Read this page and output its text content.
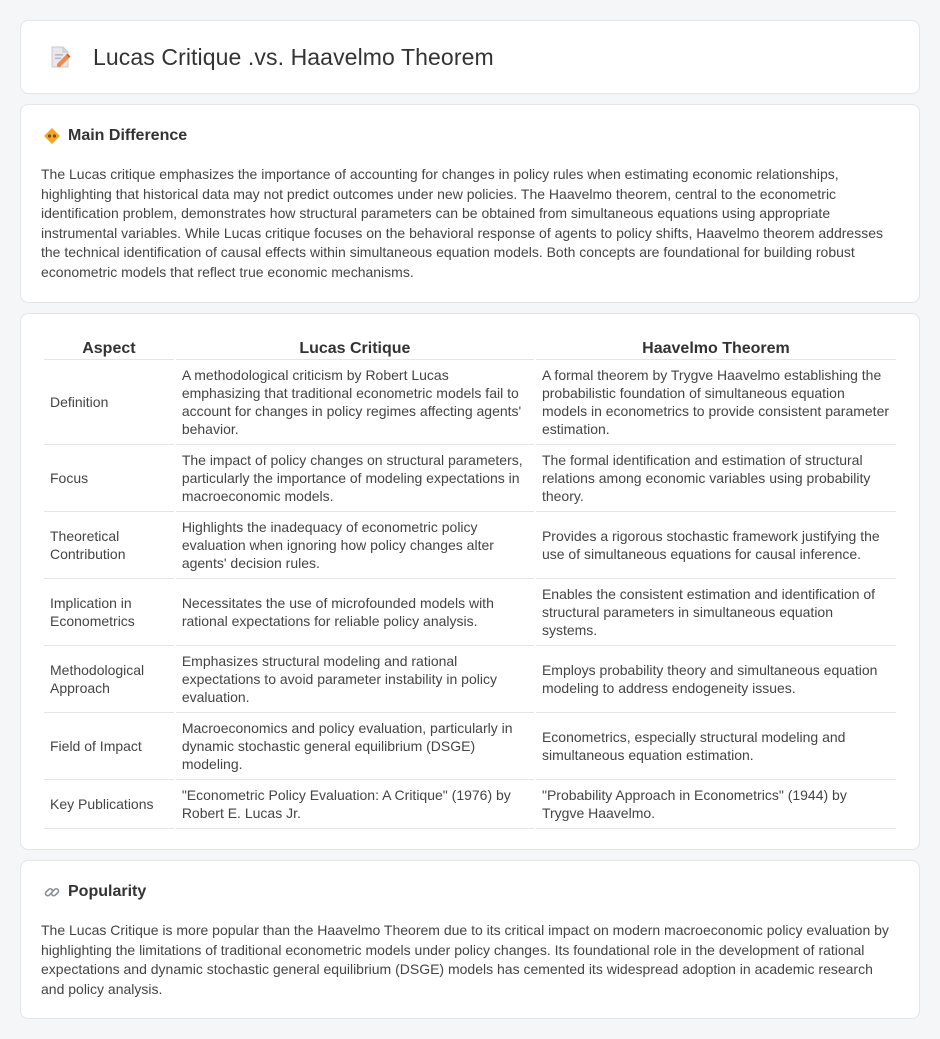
Lucas Critique .vs. Haavelmo Theorem
Main Difference

The Lucas critique emphasizes the importance of accounting for changes in policy rules when estimating economic relationships, highlighting that historical data may not predict outcomes under new policies. The Haavelmo theorem, central to the econometric identification problem, demonstrates how structural parameters can be obtained from simultaneous equations using appropriate instrumental variables. While Lucas critique focuses on the behavioral response of agents to policy shifts, Haavelmo theorem addresses the technical identification of causal effects within simultaneous equation models. Both concepts are foundational for building robust econometric models that reflect true economic mechanisms.

Aspect	Lucas Critique	Haavelmo Theorem
Definition	A methodological criticism by Robert Lucas emphasizing that traditional econometric models fail to account for changes in policy regimes affecting agents' behavior.	A formal theorem by Trygve Haavelmo establishing the probabilistic foundation of simultaneous equation models in econometrics to provide consistent parameter estimation.
Focus	The impact of policy changes on structural parameters, particularly the importance of modeling expectations in macroeconomic models.	The formal identification and estimation of structural relations among economic variables using probability theory.
Theoretical Contribution	Highlights the inadequacy of econometric policy evaluation when ignoring how policy changes alter agents' decision rules.	Provides a rigorous stochastic framework justifying the use of simultaneous equations for causal inference.
Implication in Econometrics	Necessitates the use of microfounded models with rational expectations for reliable policy analysis.	Enables the consistent estimation and identification of structural parameters in simultaneous equation systems.
Methodological Approach	Emphasizes structural modeling and rational expectations to avoid parameter instability in policy evaluation.	Employs probability theory and simultaneous equation modeling to address endogeneity issues.
Field of Impact	Macroeconomics and policy evaluation, particularly in dynamic stochastic general equilibrium (DSGE) modeling.	Econometrics, especially structural modeling and simultaneous equation estimation.
Key Publications	"Econometric Policy Evaluation: A Critique" (1976) by Robert E. Lucas Jr.	"Probability Approach in Econometrics" (1944) by Trygve Haavelmo.
Popularity

The Lucas Critique is more popular than the Haavelmo Theorem due to its critical impact on modern macroeconomic policy evaluation by highlighting the limitations of traditional econometric models under policy changes. Its foundational role in the development of rational expectations and dynamic stochastic general equilibrium (DSGE) models has cemented its widespread adoption in academic research and policy analysis.
